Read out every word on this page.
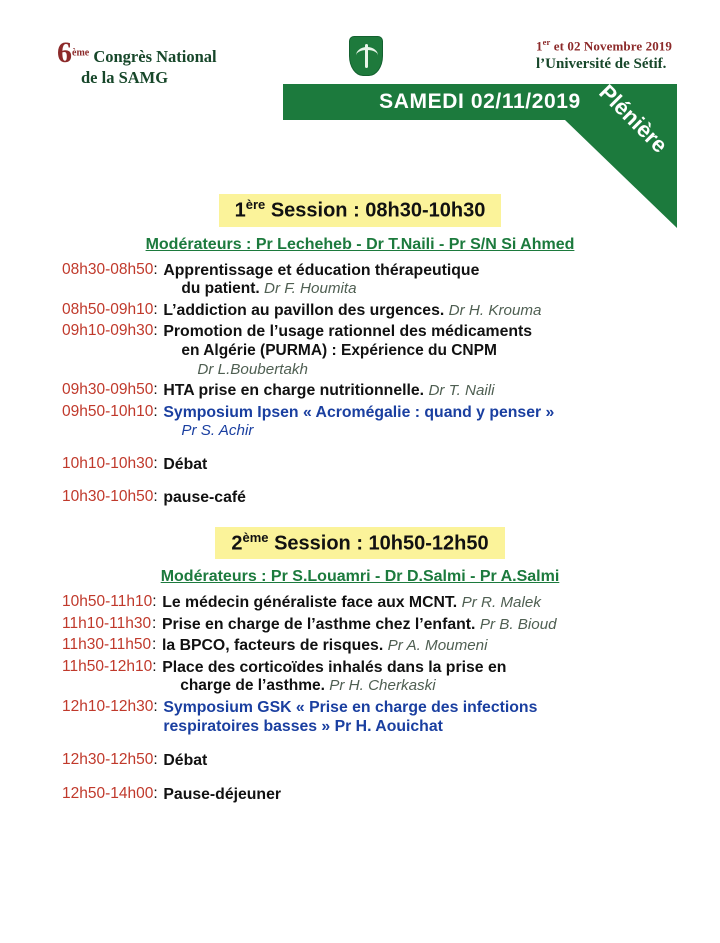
6ème Congrès National
de la SAMG
1er et 02 Novembre 2019
l’Université de Sétif.
SAMEDI 02/11/2019 Plénière
1ère Session : 08h30-10h30
Modérateurs : Pr Lecheheb - Dr T.Naili - Pr S/N Si Ahmed
08h30-08h50 : Apprentissage et éducation thérapeutique
du patient. Dr F. Houmita
08h50-09h10 : L’addiction au pavillon des urgences. Dr H. Krouma
09h10-09h30 : Promotion de l’usage rationnel des médicaments
en Algérie (PURMA) : Expérience du CNPM
Dr L.Boubertakh
09h30-09h50 : HTA prise en charge nutritionnelle. Dr T. Naili
09h50-10h10 : Symposium Ipsen « Acromégalie : quand y penser »
Pr S. Achir
10h10-10h30 : Débat
10h30-10h50 : pause-café
2ème Session : 10h50-12h50
Modérateurs : Pr S.Louamri - Dr D.Salmi - Pr A.Salmi
10h50-11h10 : Le médecin généraliste face aux MCNT. Pr R. Malek
11h10-11h30 : Prise en charge de l’asthme chez l’enfant. Pr B. Bioud
11h30-11h50 : la BPCO, facteurs de risques. Pr A. Moumeni
11h50-12h10 : Place des corticoïdes inhalés dans la prise en
charge de l’asthme. Pr H. Cherkaski
12h10-12h30 : Symposium GSK « Prise en charge des infections
respiratoires basses » Pr H. Aouichat
12h30-12h50 : Débat
12h50-14h00 : Pause-déjeuner
